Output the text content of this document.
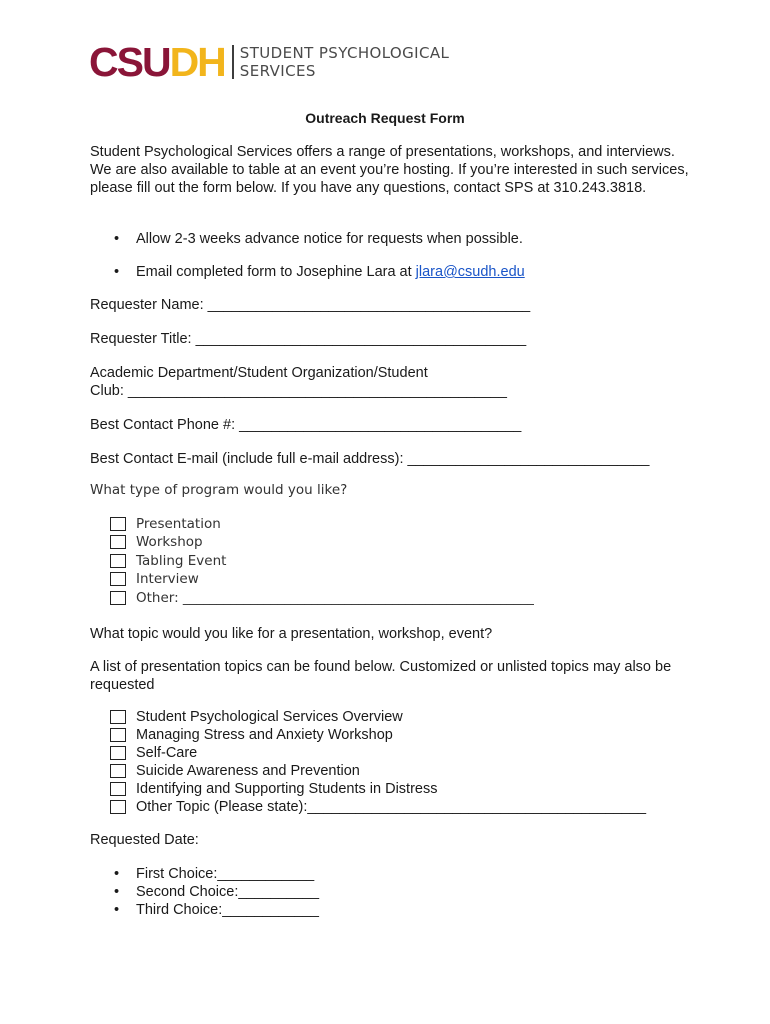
CSU DH STUDENT PSYCHOLOGICAL
SERVICES
Outreach Request Form
Student Psychological Services offers a range of presentations, workshops, and interviews. We are also available to table at an event you’re hosting. If you’re interested in such services, please fill out the form below. If you have any questions, contact SPS at 310.243.3818.
• Allow 2-3 weeks advance notice for requests when possible.
• Email completed form to Josephine Lara at jlara@csudh.edu
Requester Name: ________________________________________
Requester Title: _________________________________________
Academic Department/Student Organization/Student
Club: _______________________________________________
Best Contact Phone #: ___________________________________
Best Contact E-mail (include full e-mail address): ______________________________
What type of program would you like?
Presentation
Workshop
Tabling Event
Interview
Other: ____________________________________________________
What topic would you like for a presentation, workshop, event?
A list of presentation topics can be found below. Customized or unlisted topics may also be requested
Student Psychological Services Overview
Managing Stress and Anxiety Workshop
Self-Care
Suicide Awareness and Prevention
Identifying and Supporting Students in Distress
Other Topic (Please state):__________________________________________
Requested Date:
• First Choice:____________
• Second Choice:__________
• Third Choice:____________
